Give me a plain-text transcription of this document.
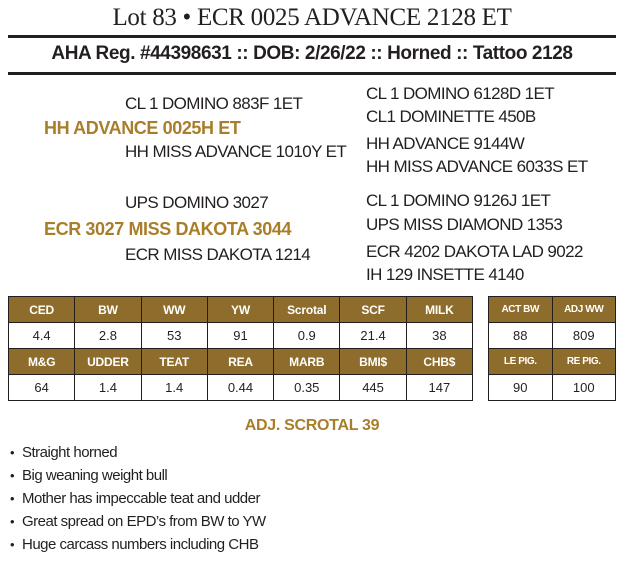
Lot 83 • ECR 0025 ADVANCE 2128 ET
AHA Reg. #44398631 :: DOB: 2/26/22 :: Horned :: Tattoo 2128
CL 1 DOMINO 883F 1ET
HH ADVANCE 0025H ET
HH MISS ADVANCE 1010Y ET
CL 1 DOMINO 6128D 1ET
CL1 DOMINETTE 450B
HH ADVANCE 9144W
HH MISS ADVANCE 6033S ET
UPS DOMINO 3027
ECR 3027 MISS DAKOTA 3044
ECR MISS DAKOTA 1214
CL 1 DOMINO 9126J 1ET
UPS MISS DIAMOND 1353
ECR 4202 DAKOTA LAD 9022
IH 129 INSETTE 4140
CED	BW	WW	YW	Scrotal	SCF	MILK
4.4	2.8	53	91	0.9	21.4	38
M&G	UDDER	TEAT	REA	MARB	BMI$	CHB$
64	1.4	1.4	0.44	0.35	445	147
ACT BW	ADJ WW
88	809
LE PIG.	RE PIG.
90	100
ADJ. SCROTAL 39
• Straight horned
• Big weaning weight bull
• Mother has impeccable teat and udder
• Great spread on EPD’s from BW to YW
• Huge carcass numbers including CHB
